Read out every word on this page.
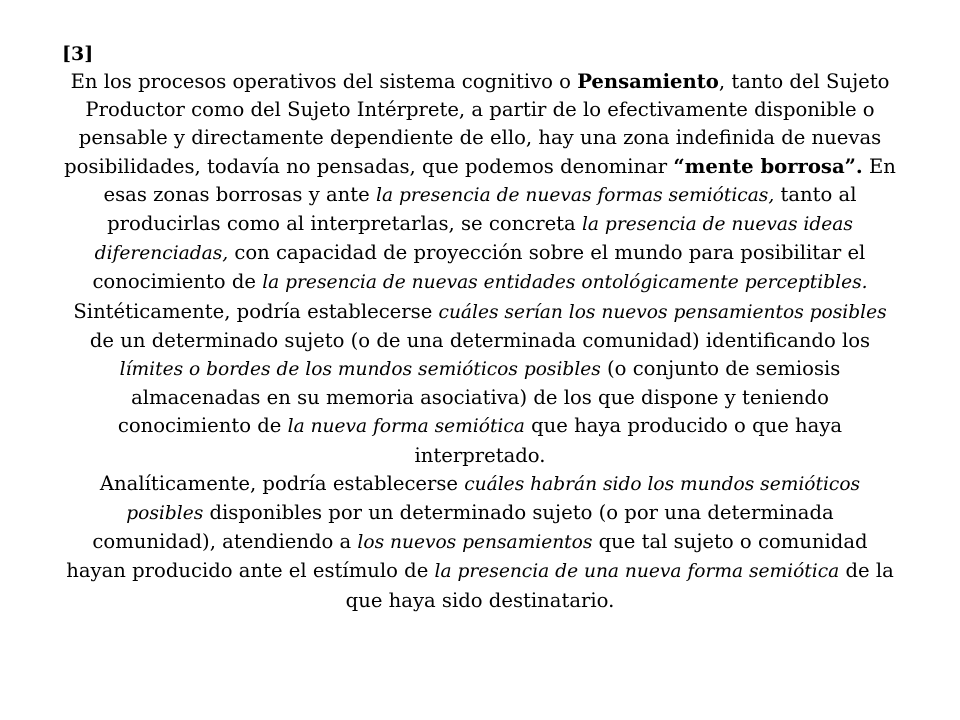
[3]

En los procesos operativos del sistema cognitivo o Pensamiento, tanto del Sujeto Productor como del Sujeto Intérprete, a partir de lo efectivamente disponible o pensable y directamente dependiente de ello, hay una zona indefinida de nuevas posibilidades, todavía no pensadas, que podemos denominar “mente borrosa”. En esas zonas borrosas y ante la presencia de nuevas formas semióticas, tanto al producirlas como al interpretarlas, se concreta la presencia de nuevas ideas diferenciadas, con capacidad de proyección sobre el mundo para posibilitar el conocimiento de la presencia de nuevas entidades ontológicamente perceptibles.

Sintéticamente, podría establecerse cuáles serían los nuevos pensamientos posibles de un determinado sujeto (o de una determinada comunidad) identificando los límites o bordes de los mundos semióticos posibles (o conjunto de semiosis almacenadas en su memoria asociativa) de los que dispone y teniendo conocimiento de la nueva forma semiótica que haya producido o que haya interpretado.

Analíticamente, podría establecerse cuáles habrán sido los mundos semióticos posibles disponibles por un determinado sujeto (o por una determinada comunidad), atendiendo a los nuevos pensamientos que tal sujeto o comunidad hayan producido ante el estímulo de la presencia de una nueva forma semiótica de la que haya sido destinatario.
